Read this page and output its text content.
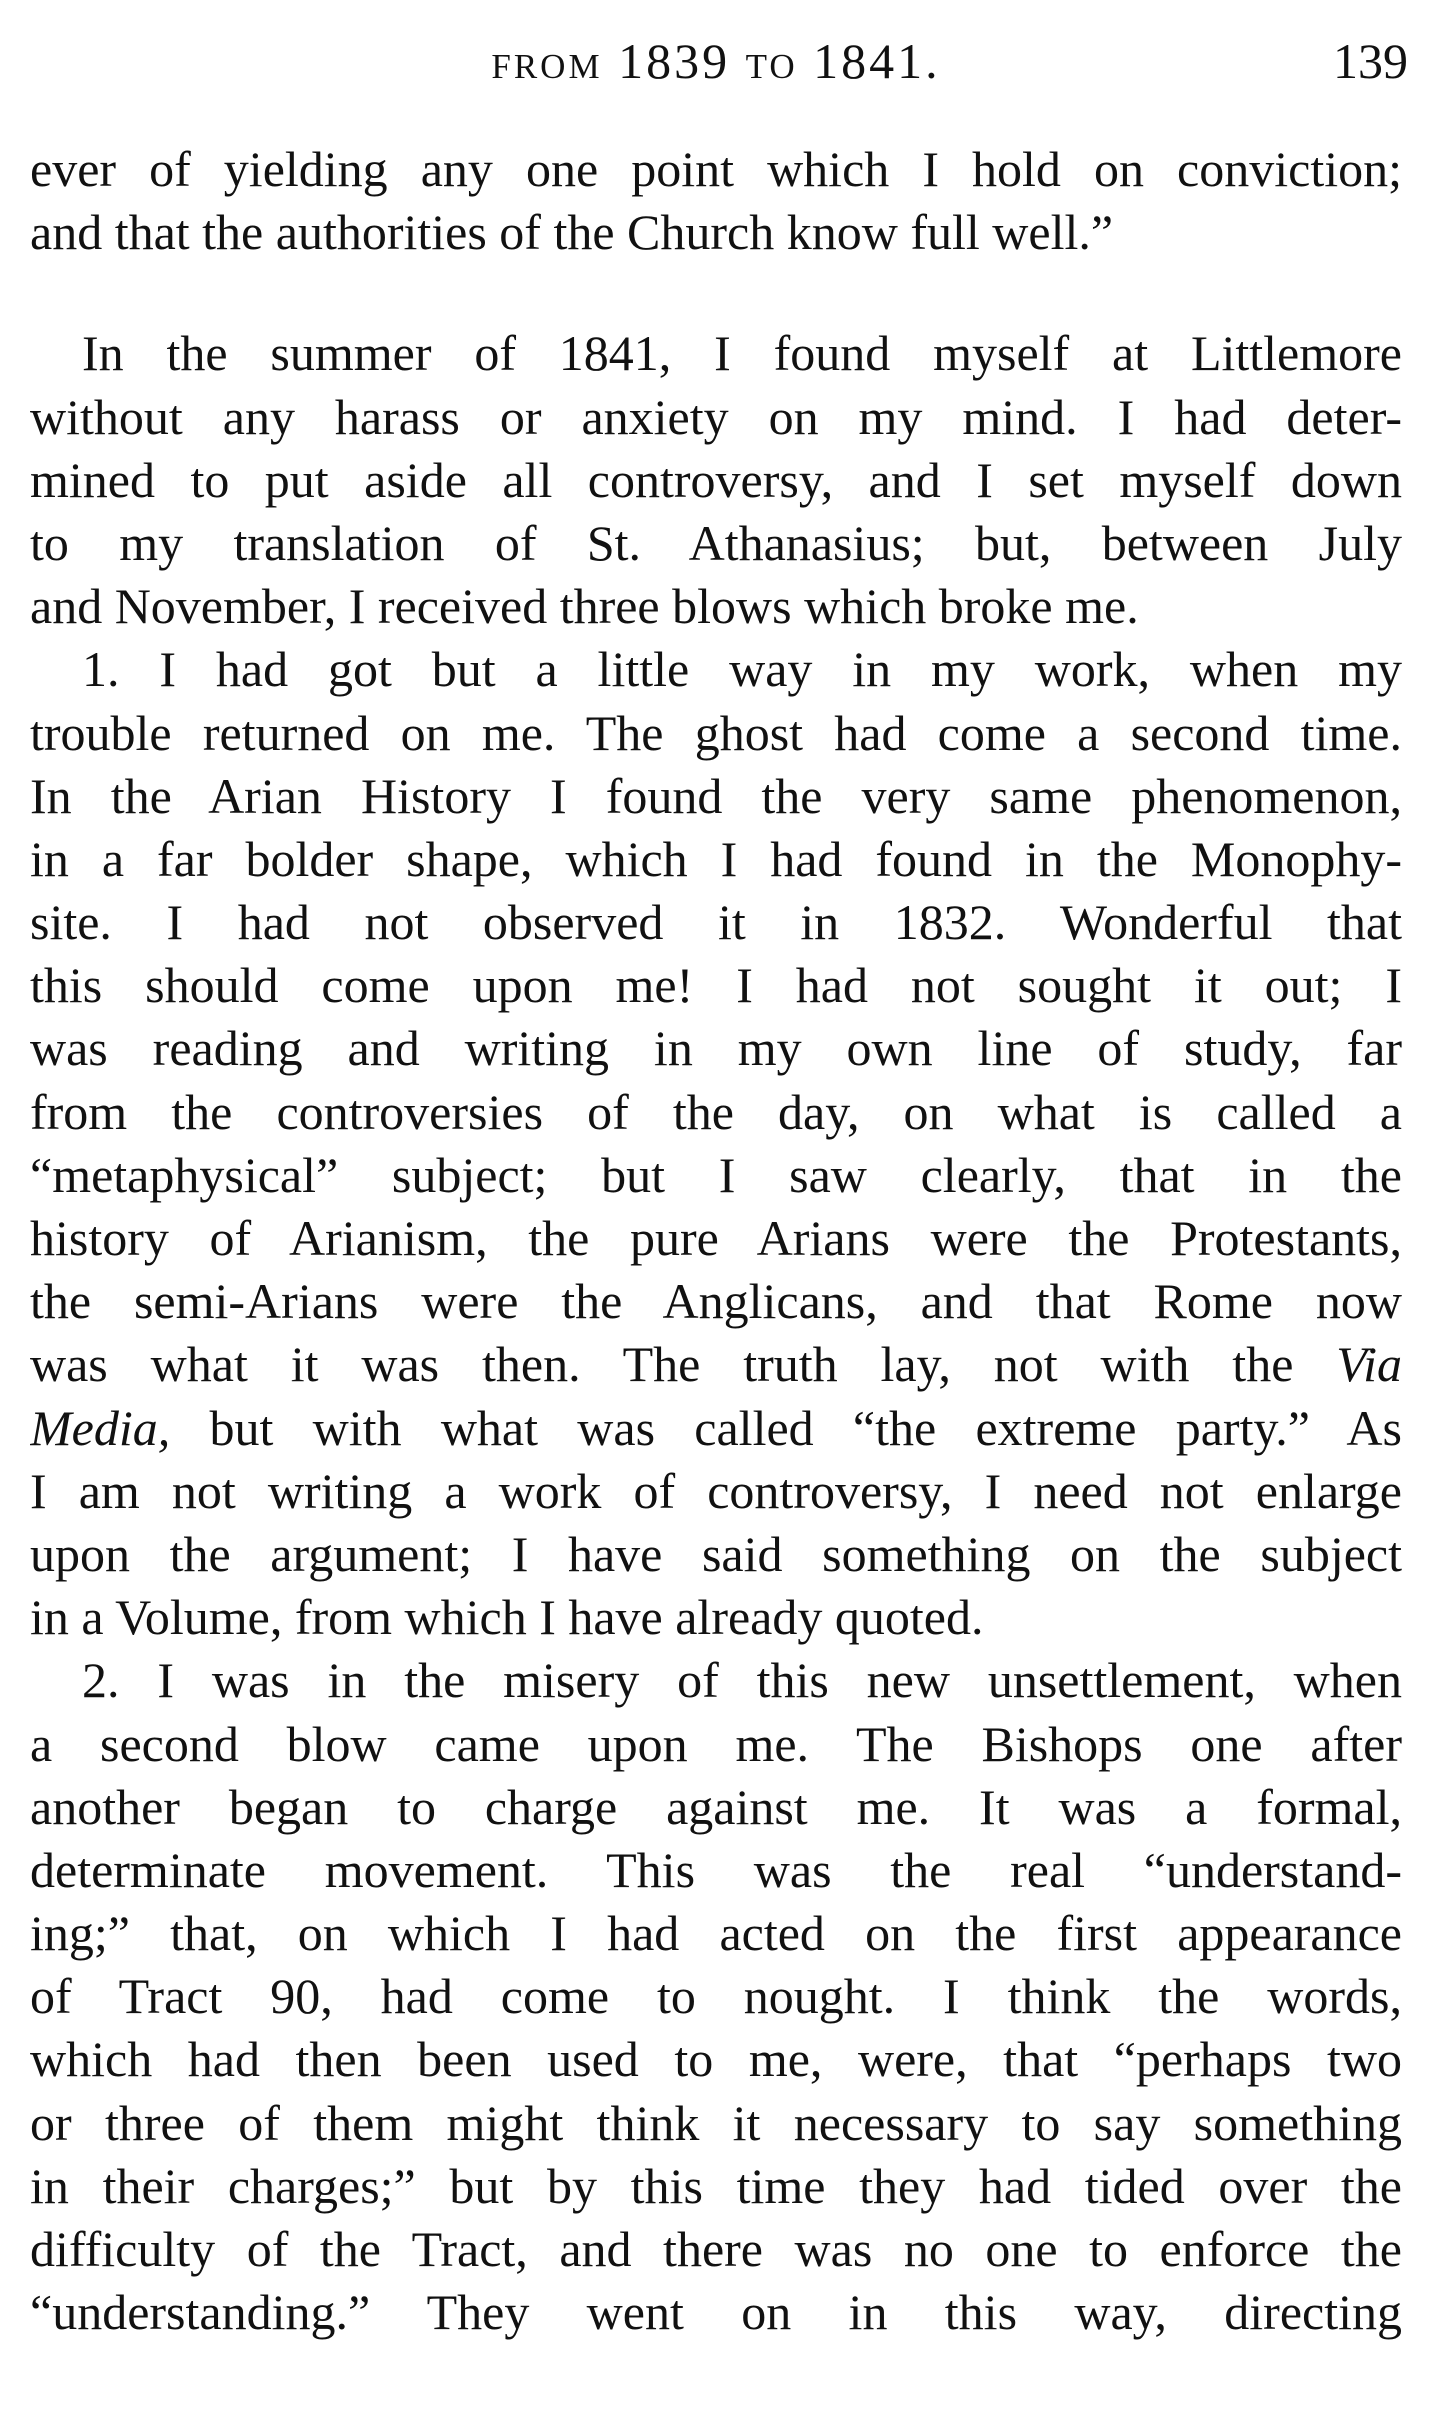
from 1839 to 1841.	139
ever of yielding any one point which I hold on conviction;
and that the authorities of the Church know full well.”
In the summer of 1841, I found myself at Littlemore
without any harass or anxiety on my mind. I had deter-
mined to put aside all controversy, and I set myself down
to my translation of St. Athanasius; but, between July
and November, I received three blows which broke me.
1. I had got but a little way in my work, when my
trouble returned on me. The ghost had come a second time.
In the Arian History I found the very same phenomenon,
in a far bolder shape, which I had found in the Monophy-
site. I had not observed it in 1832. Wonderful that
this should come upon me! I had not sought it out; I
was reading and writing in my own line of study, far
from the controversies of the day, on what is called a
“metaphysical” subject; but I saw clearly, that in the
history of Arianism, the pure Arians were the Protestants,
the semi-Arians were the Anglicans, and that Rome now
was what it was then. The truth lay, not with the Via
Media, but with what was called “the extreme party.” As
I am not writing a work of controversy, I need not enlarge
upon the argument; I have said something on the subject
in a Volume, from which I have already quoted.
2. I was in the misery of this new unsettlement, when
a second blow came upon me. The Bishops one after
another began to charge against me. It was a formal,
determinate movement. This was the real “understand-
ing;” that, on which I had acted on the first appearance
of Tract 90, had come to nought. I think the words,
which had then been used to me, were, that “perhaps two
or three of them might think it necessary to say something
in their charges;” but by this time they had tided over the
difficulty of the Tract, and there was no one to enforce the
“understanding.” They went on in this way, directing
